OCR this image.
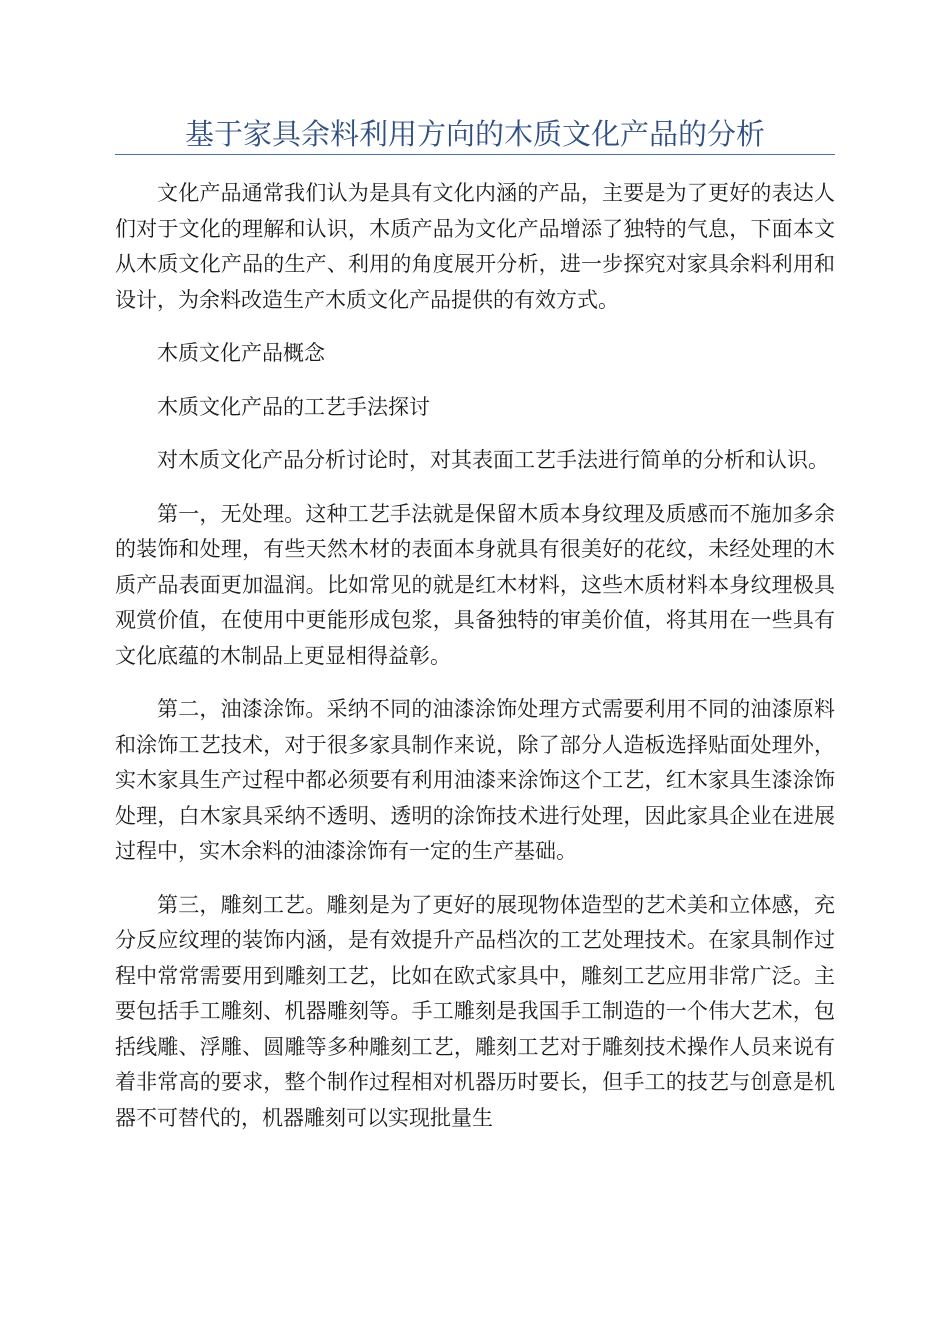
基于家具余料利用方向的木质文化产品的分析

文化产品通常我们认为是具有文化内涵的产品，主要是为了更好的表达人们对于文化的理解和认识，木质产品为文化产品增添了独特的气息，下面本文从木质文化产品的生产、利用的角度展开分析，进一步探究对家具余料利用和设计，为余料改造生产木质文化产品提供的有效方式。

木质文化产品概念

木质文化产品的工艺手法探讨

对木质文化产品分析讨论时，对其表面工艺手法进行简单的分析和认识。

第一，无处理。这种工艺手法就是保留木质本身纹理及质感而不施加多余的装饰和处理，有些天然木材的表面本身就具有很美好的花纹，未经处理的木质产品表面更加温润。比如常见的就是红木材料，这些木质材料本身纹理极具观赏价值，在使用中更能形成包浆，具备独特的审美价值，将其用在一些具有文化底蕴的木制品上更显相得益彰。

第二，油漆涂饰。采纳不同的油漆涂饰处理方式需要利用不同的油漆原料和涂饰工艺技术，对于很多家具制作来说，除了部分人造板选择贴面处理外，实木家具生产过程中都必须要有利用油漆来涂饰这个工艺，红木家具生漆涂饰处理，白木家具采纳不透明、透明的涂饰技术进行处理，因此家具企业在进展过程中，实木余料的油漆涂饰有一定的生产基础。

第三，雕刻工艺。雕刻是为了更好的展现物体造型的艺术美和立体感，充分反应纹理的装饰内涵，是有效提升产品档次的工艺处理技术。在家具制作过程中常常需要用到雕刻工艺，比如在欧式家具中，雕刻工艺应用非常广泛。主要包括手工雕刻、机器雕刻等。手工雕刻是我国手工制造的一个伟大艺术，包括线雕、浮雕、圆雕等多种雕刻工艺，雕刻工艺对于雕刻技术操作人员来说有着非常高的要求，整个制作过程相对机器历时要长，但手工的技艺与创意是机器不可替代的，机器雕刻可以实现批量生
